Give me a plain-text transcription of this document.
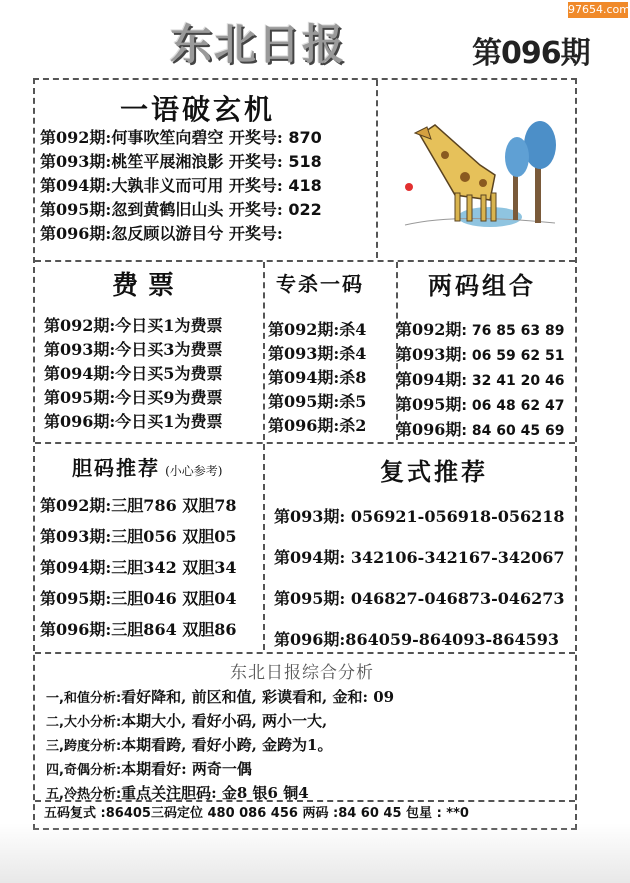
97654.com
东北日报	第096期
一语破玄机
第092期:何事吹笙向碧空 开奖号: 870
第093期:桃笙平展湘浪影 开奖号: 518
第094期:大孰非义而可用 开奖号: 418
第095期:忽到黄鹤旧山头 开奖号: 022
第096期:忽反顾以游目兮 开奖号:
费票
第092期:今日买1为费票
第093期:今日买3为费票
第094期:今日买5为费票
第095期:今日买9为费票
第096期:今日买1为费票
专杀一码
第092期:杀4
第093期:杀4
第094期:杀8
第095期:杀5
第096期:杀2
两码组合
第092期: 76 85 63 89
第093期: 06 59 62 51
第094期: 32 41 20 46
第095期: 06 48 62 47
第096期: 84 60 45 69
胆码推荐 (小心参考)
第092期:三胆786 双胆78
第093期:三胆056 双胆05
第094期:三胆342 双胆34
第095期:三胆046 双胆04
第096期:三胆864 双胆86
复式推荐
第093期: 056921-056918-056218
第094期: 342106-342167-342067
第095期: 046827-046873-046273
第096期:864059-864093-864593
东北日报综合分析
一,和值分析:看好降和, 前区和值, 彩谟看和, 金和: 09
二,大小分析:本期大小, 看好小码, 两小一大,
三,跨度分析:本期看跨, 看好小跨, 金跨为1。
四,奇偶分析:本期看好: 两奇一偶
五,冷热分析:重点关注胆码: 金8 银6 铜4
五码复式 :86405三码定位 480 086 456 两码 :84 60 45 包星 : **0
